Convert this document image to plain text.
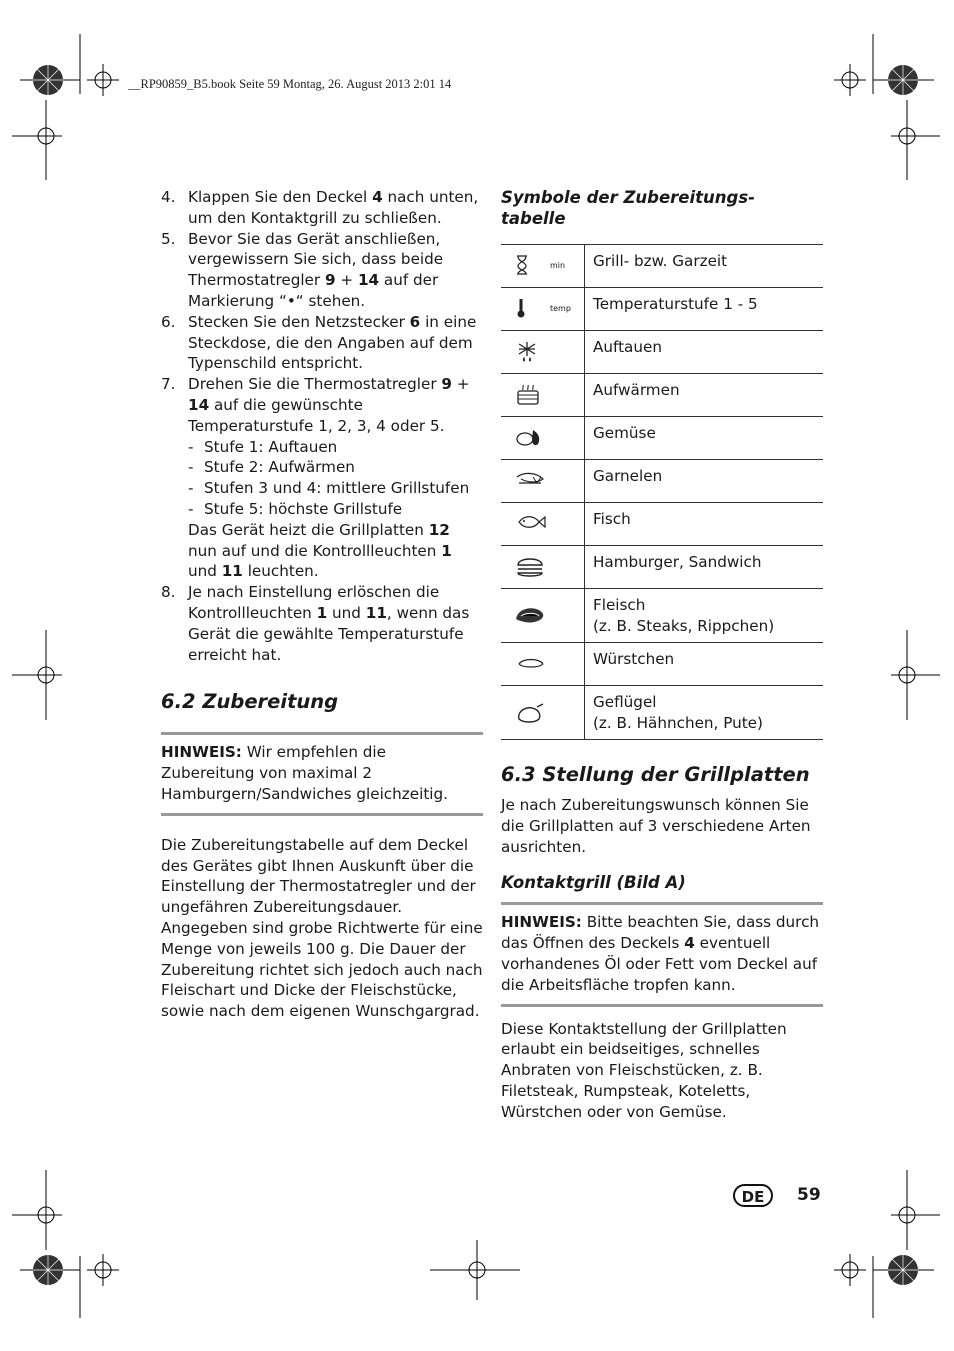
__RP90859_B5.book Seite 59 Montag, 26. August 2013 2:01 14
4. Klappen Sie den Deckel 4 nach unten, um den Kontaktgrill zu schließen.
5. Bevor Sie das Gerät anschließen, vergewissern Sie sich, dass beide Thermostatregler 9 + 14 auf der Markierung “•“ stehen.
6. Stecken Sie den Netzstecker 6 in eine Steckdose, die den Angaben auf dem Typenschild entspricht.
7. Drehen Sie die Thermostatregler 9 + 14 auf die gewünschte Temperaturstufe 1, 2, 3, 4 oder 5.
- Stufe 1: Auftauen
- Stufe 2: Aufwärmen
- Stufen 3 und 4: mittlere Grillstufen
- Stufe 5: höchste Grillstufe
Das Gerät heizt die Grillplatten 12 nun auf und die Kontrollleuchten 1 und 11 leuchten.
8. Je nach Einstellung erlöschen die Kontrollleuchten 1 und 11, wenn das Gerät die gewählte Temperaturstufe erreicht hat.
6.2 Zubereitung
HINWEIS: Wir empfehlen die Zubereitung von maximal 2 Hamburgern/Sandwiches gleichzeitig.

Die Zubereitungstabelle auf dem Deckel des Gerätes gibt Ihnen Auskunft über die Einstellung der Thermostatregler und der ungefähren Zubereitungsdauer. Angegeben sind grobe Richtwerte für eine Menge von jeweils 100 g. Die Dauer der Zubereitung richtet sich jedoch auch nach Fleischart und Dicke der Fleischstücke, sowie nach dem eigenen Wunschgargrad.

Symbole der Zubereitungs-
tabelle
min	Grill- bzw. Garzeit

temp	Temperaturstufe 1 - 5

Auftauen

Aufwärmen

Gemüse

Garnelen

Fisch

Hamburger, Sandwich

Fleisch
(z. B. Steaks, Rippchen)

Würstchen

Geflügel
(z. B. Hähnchen, Pute)
6.3 Stellung der Grillplatten

Je nach Zubereitungswunsch können Sie die Grillplatten auf 3 verschiedene Arten ausrichten.

Kontaktgrill (Bild A)
HINWEIS: Bitte beachten Sie, dass durch das Öffnen des Deckels 4 eventuell vorhandenes Öl oder Fett vom Deckel auf die Arbeitsfläche tropfen kann.

Diese Kontaktstellung der Grillplatten erlaubt ein beidseitiges, schnelles Anbraten von Fleischstücken, z. B. Filetsteak, Rumpsteak, Koteletts, Würstchen oder von Gemüse.

DE	59
